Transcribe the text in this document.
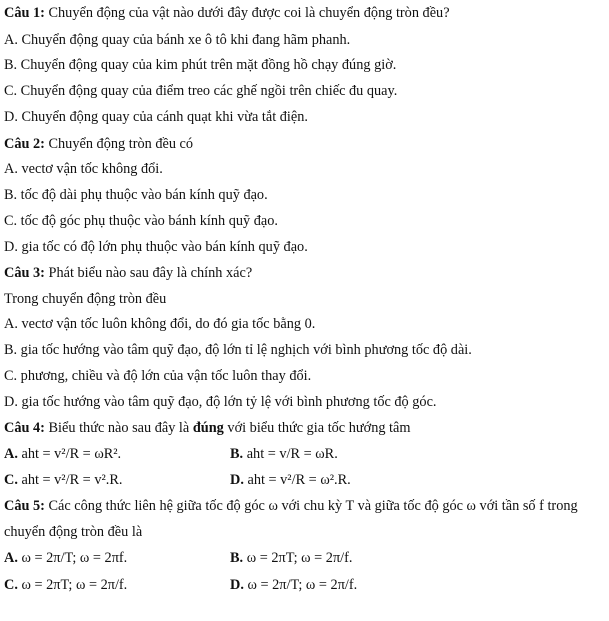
Câu 1: Chuyển động của vật nào dưới đây được coi là chuyển động tròn đều?
A. Chuyển động quay của bánh xe ô tô khi đang hãm phanh.
B. Chuyển động quay của kim phút trên mặt đồng hồ chạy đúng giờ.
C. Chuyển động quay của điểm treo các ghế ngồi trên chiếc đu quay.
D. Chuyển động quay của cánh quạt khi vừa tắt điện.
Câu 2: Chuyển động tròn đều có
A. vectơ vận tốc không đổi.
B. tốc độ dài phụ thuộc vào bán kính quỹ đạo.
C. tốc độ góc phụ thuộc vào bánh kính quỹ đạo.
D. gia tốc có độ lớn phụ thuộc vào bán kính quỹ đạo.
Câu 3: Phát biểu nào sau đây là chính xác?
Trong chuyển động tròn đều
A. vectơ vận tốc luôn không đổi, do đó gia tốc bằng 0.
B. gia tốc hướng vào tâm quỹ đạo, độ lớn tỉ lệ nghịch với bình phương tốc độ dài.
C. phương, chiều và độ lớn của vận tốc luôn thay đổi.
D. gia tốc hướng vào tâm quỹ đạo, độ lớn tỷ lệ với bình phương tốc độ góc.
Câu 4: Biểu thức nào sau đây là đúng với biểu thức gia tốc hướng tâm
A. aht = v²/R = ωR².	B. aht = v/R = ωR.
C. aht = v²/R = v².R.	D. aht = v²/R = ω².R.
Câu 5: Các công thức liên hệ giữa tốc độ góc ω với chu kỳ T và giữa tốc độ góc ω với tần số f trong
chuyển động tròn đều là
A. ω = 2π/T; ω = 2πf.	B. ω = 2πT; ω = 2π/f.
C. ω = 2πT; ω = 2π/f.	D. ω = 2π/T; ω = 2π/f.
